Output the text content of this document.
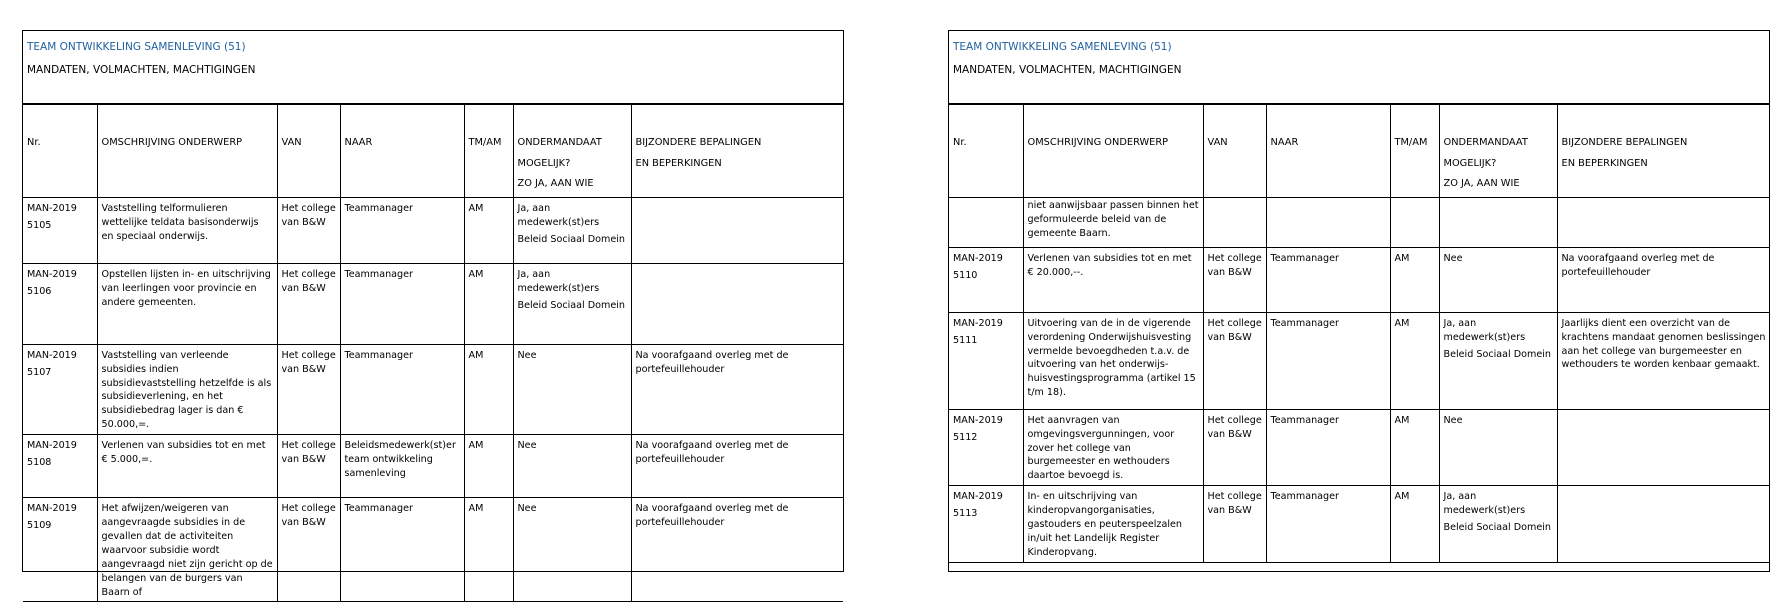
TEAM ONTWIKKELING SAMENLEVING (51)
MANDATEN, VOLMACHTEN, MACHTIGINGEN
Nr.	OMSCHRIJVING ONDERWERP	VAN	NAAR	TM/AM	ONDERMANDAAT
MOGELIJK?
ZO JA, AAN WIE	BIJZONDERE BEPALINGEN
EN BEPERKINGEN
MAN-2019
5105	Vaststelling telformulieren wettelijke teldata basisonderwijs en speciaal onderwijs.	Het college van B&W	Teammanager	AM	Ja, aan medewerk(st)ers
Beleid Sociaal Domein	
MAN-2019
5106	Opstellen lijsten in- en uitschrijving van leerlingen voor provincie en andere gemeenten.	Het college van B&W	Teammanager	AM	Ja, aan medewerk(st)ers
Beleid Sociaal Domein	
MAN-2019
5107	Vaststelling van verleende subsidies indien subsidievaststelling hetzelfde is als subsidieverlening, en het subsidiebedrag lager is dan € 50.000,=.	Het college van B&W	Teammanager	AM	Nee	Na voorafgaand overleg met de portefeuillehouder
MAN-2019
5108	Verlenen van subsidies tot en met € 5.000,=.	Het college van B&W	Beleidsmedewerk(st)er team ontwikkeling samenleving	AM	Nee	Na voorafgaand overleg met de portefeuillehouder
MAN-2019
5109	Het afwijzen/weigeren van aangevraagde subsidies in de gevallen dat de activiteiten waarvoor subsidie wordt aangevraagd niet zijn gericht op de belangen van de burgers van Baarn of	Het college van B&W	Teammanager	AM	Nee	Na voorafgaand overleg met de portefeuillehouder
TEAM ONTWIKKELING SAMENLEVING (51)
MANDATEN, VOLMACHTEN, MACHTIGINGEN
Nr.	OMSCHRIJVING ONDERWERP	VAN	NAAR	TM/AM	ONDERMANDAAT
MOGELIJK?
ZO JA, AAN WIE	BIJZONDERE BEPALINGEN
EN BEPERKINGEN
	niet aanwijsbaar passen binnen het geformuleerde beleid van de gemeente Baarn.					
MAN-2019
5110	Verlenen van subsidies tot en met € 20.000,--.	Het college van B&W	Teammanager	AM	Nee	Na voorafgaand overleg met de portefeuillehouder
MAN-2019
5111	Uitvoering van de in de vigerende verordening Onderwijshuisvesting vermelde bevoegdheden t.a.v. de uitvoering van het onderwijs-huisvestingsprogramma (artikel 15 t/m 18).	Het college van B&W	Teammanager	AM	Ja, aan medewerk(st)ers
Beleid Sociaal Domein	Jaarlijks dient een overzicht van de krachtens mandaat genomen beslissingen aan het college van burgemeester en wethouders te worden kenbaar gemaakt.
MAN-2019
5112	Het aanvragen van omgevingsvergunningen, voor zover het college van burgemeester en wethouders daartoe bevoegd is.	Het college van B&W	Teammanager	AM	Nee	
MAN-2019
5113	In- en uitschrijving van kinderopvangorganisaties, gastouders en peuterspeelzalen in/uit het Landelijk Register Kinderopvang.	Het college van B&W	Teammanager	AM	Ja, aan medewerk(st)ers
Beleid Sociaal Domein	
